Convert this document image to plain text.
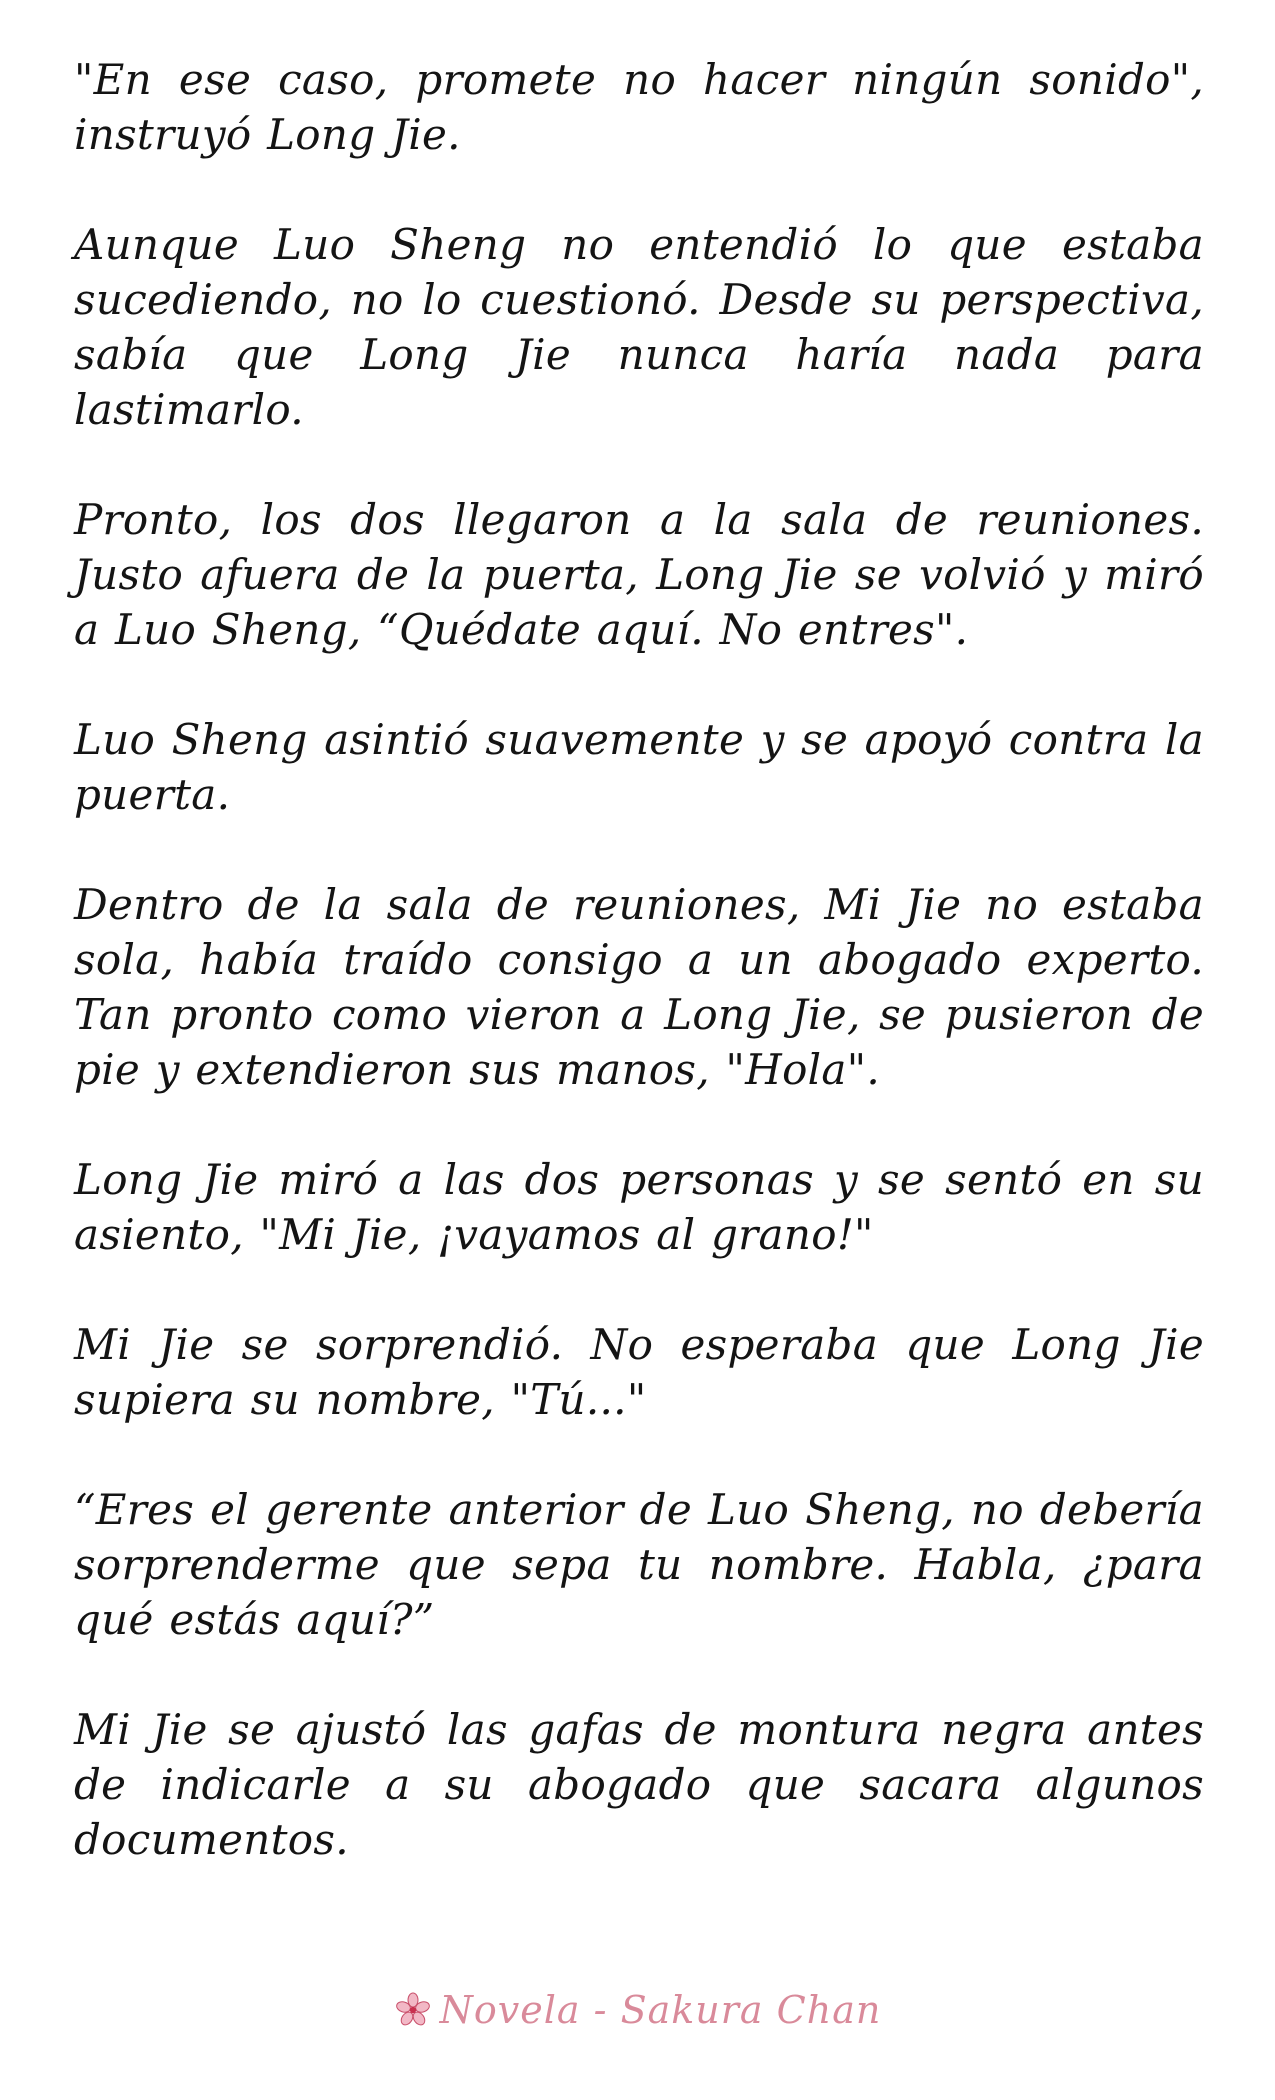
"En ese caso, promete no hacer ningún sonido", instruyó Long Jie.

Aunque Luo Sheng no entendió lo que estaba sucediendo, no lo cuestionó. Desde su perspectiva, sabía que Long Jie nunca haría nada para lastimarlo.

Pronto, los dos llegaron a la sala de reuniones. Justo afuera de la puerta, Long Jie se volvió y miró a Luo Sheng, “Quédate aquí. No entres".

Luo Sheng asintió suavemente y se apoyó contra la puerta.

Dentro de la sala de reuniones, Mi Jie no estaba sola, había traído consigo a un abogado experto. Tan pronto como vieron a Long Jie, se pusieron de pie y extendieron sus manos, "Hola".

Long Jie miró a las dos personas y se sentó en su asiento, "Mi Jie, ¡vayamos al grano!"

Mi Jie se sorprendió. No esperaba que Long Jie supiera su nombre, "Tú..."

“Eres el gerente anterior de Luo Sheng, no debería sorprenderme que sepa tu nombre. Habla, ¿para qué estás aquí?”

Mi Jie se ajustó las gafas de montura negra antes de indicarle a su abogado que sacara algunos documentos.

Novela - Sakura Chan
